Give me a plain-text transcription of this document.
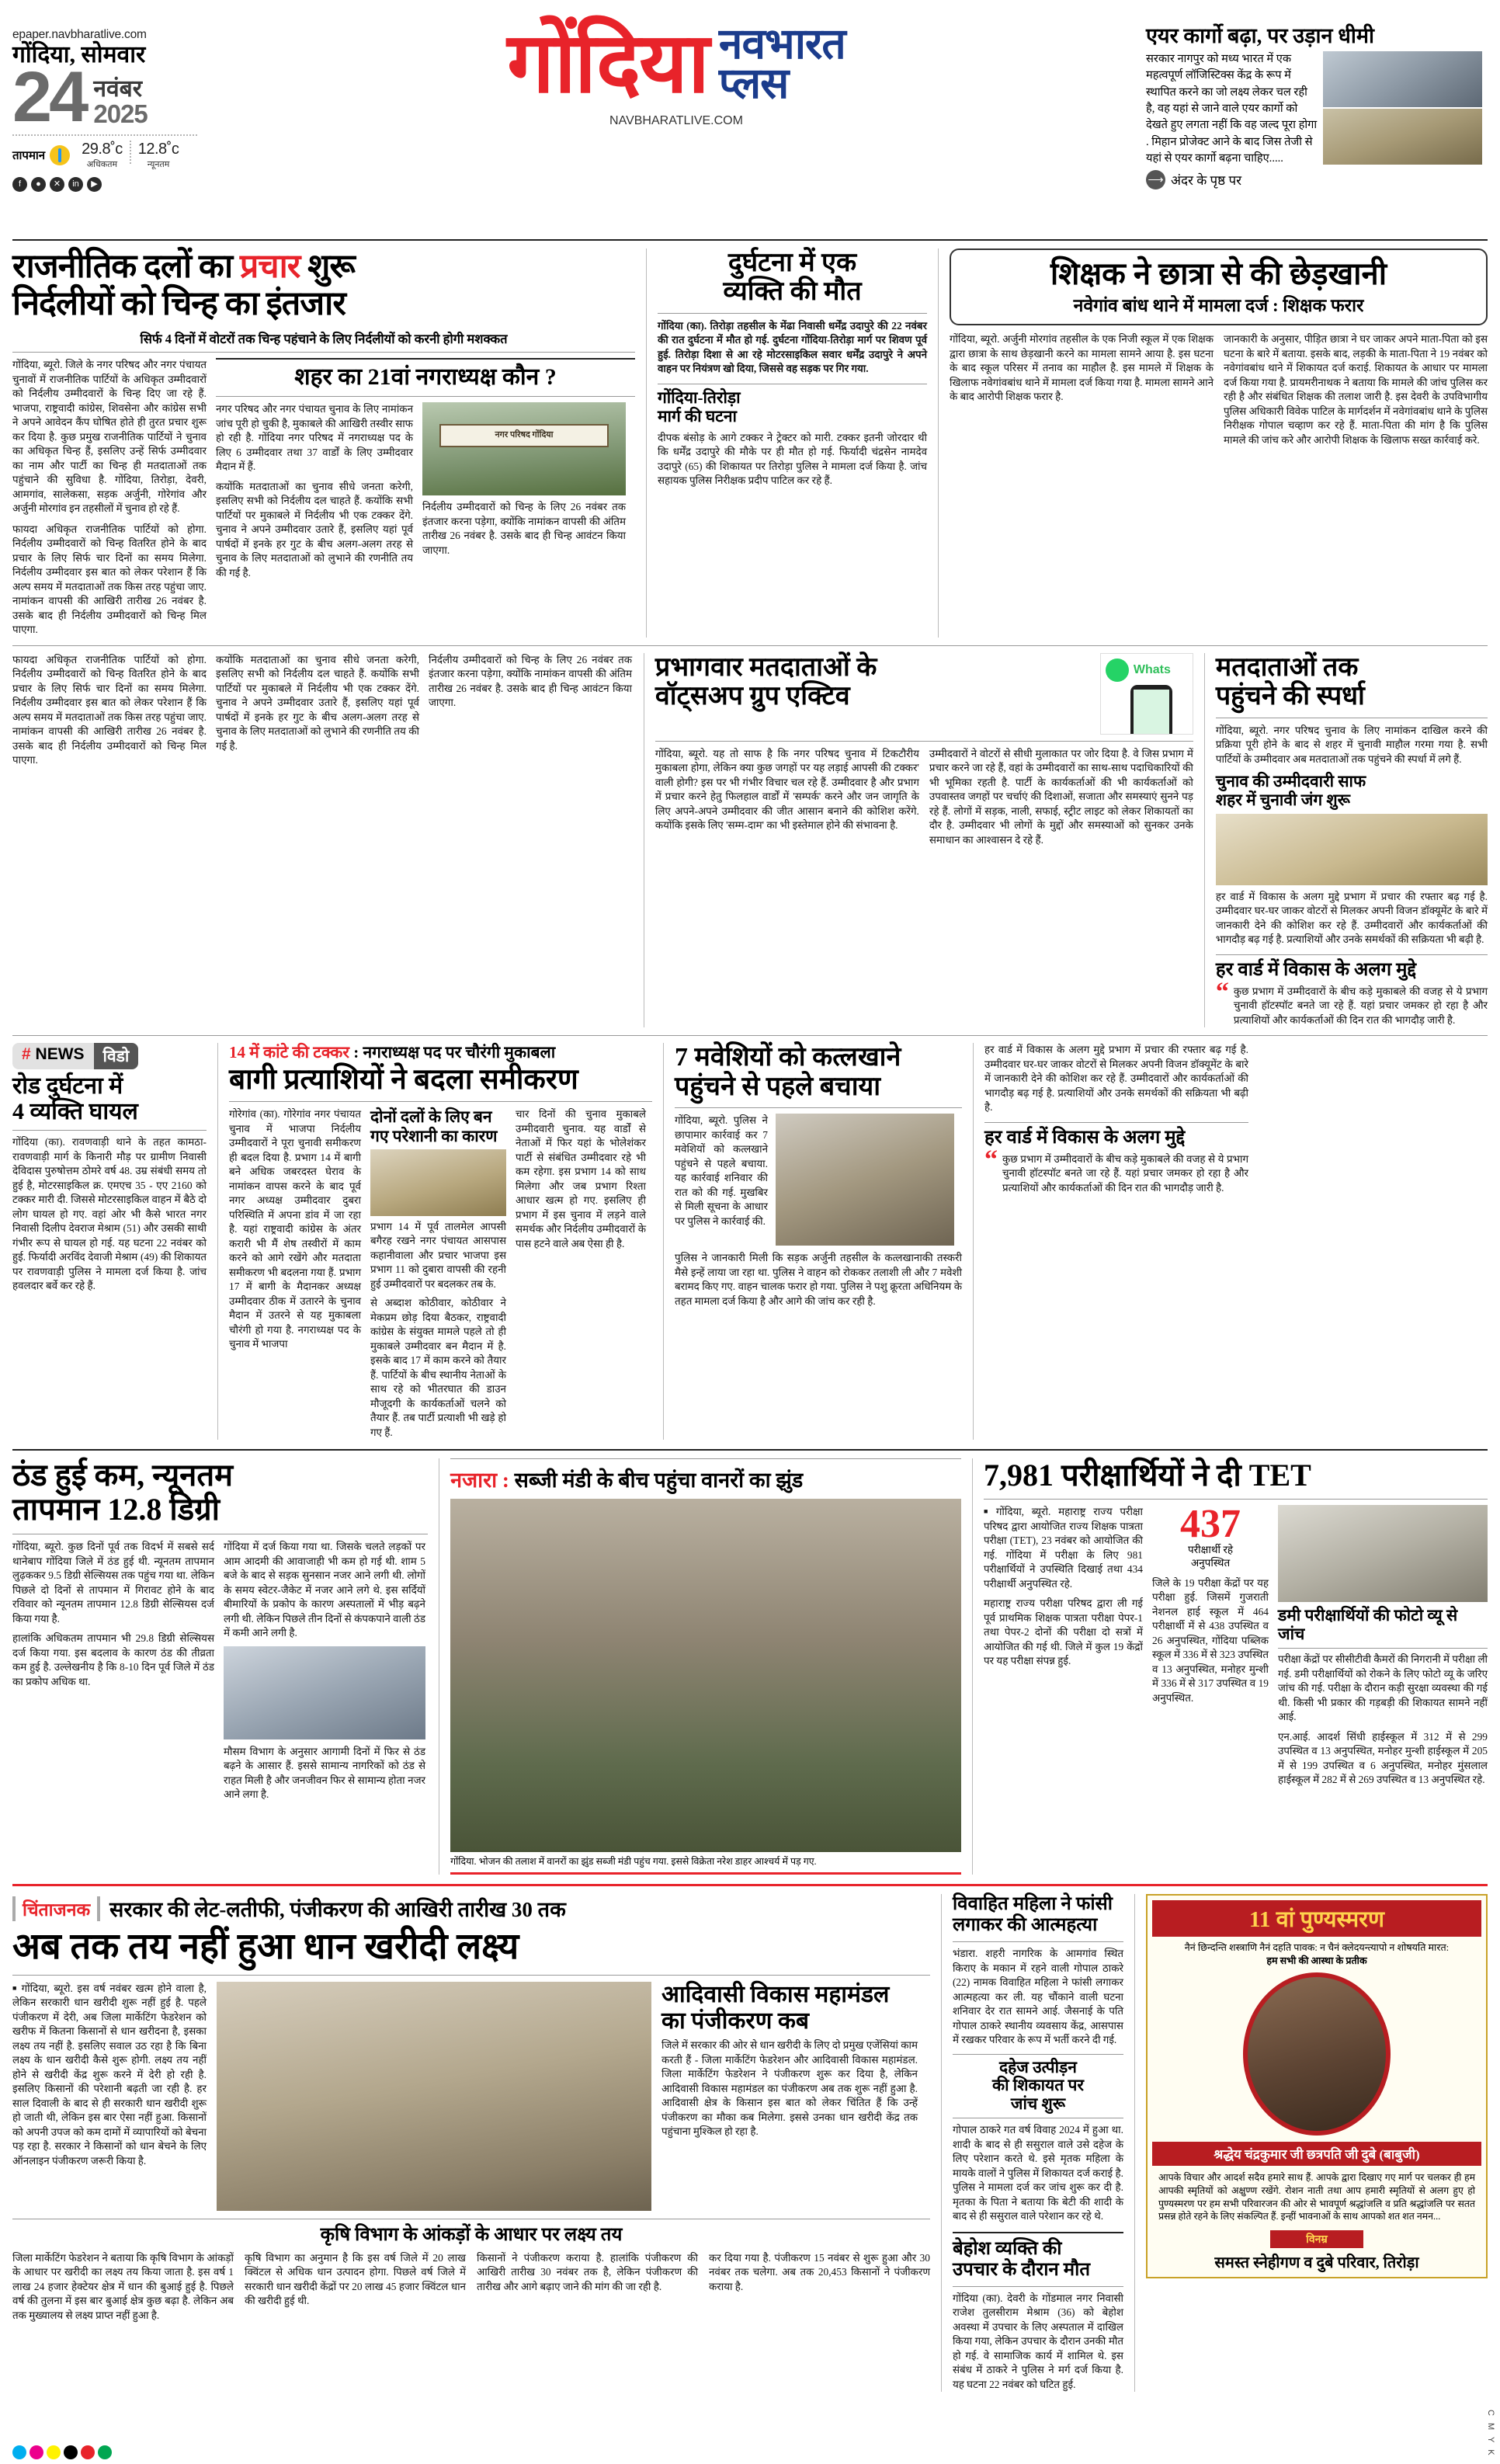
epaper.navbharatlive.com
गोंदिया, सोमवार
24 नवंबर
2025
तापमान	29.8˚c
अधिकतम
12.8˚c
न्यूनतम
f	●	✕	in	▶
गोंदिया नवभारत
प्लस
NAVBHARATLIVE.COM
एयर कार्गो बढ़ा, पर उड़ान धीमी

सरकार नागपुर को मध्य भारत में एक महत्वपूर्ण लॉजिस्टिक्स केंद्र के रूप में स्थापित करने का जो लक्ष्य लेकर चल रही है, वह यहां से जाने वाले एयर कार्गो को देखते हुए लगता नहीं कि वह जल्द पूरा होगा . मिहान प्रोजेक्ट आने के बाद जिस तेजी से यहां से एयर कार्गो बढ़ना चाहिए.....

⟶ अंदर के पृष्ठ पर
राजनीतिक दलों का प्रचार शुरू
निर्दलीयों को चिन्ह का इंतजार
सिर्फ 4 दिनों में वोटरों तक चिन्ह पहंचाने के लिए निर्दलीयों को करनी होगी मशक्कत

गोंदिया, ब्यूरो. जिले के नगर परिषद और नगर पंचायत चुनावों में राजनीतिक पार्टियों के अधिकृत उम्मीदवारों को निर्दलीय उम्मीदवारों के चिन्ह दिए जा रहे हैं. भाजपा, राष्ट्रवादी कांग्रेस, शिवसेना और कांग्रेस सभी ने अपने आवेदन कैंप घोषित होते ही तुरत प्रचार शुरू कर दिया है. कुछ प्रमुख राजनीतिक पार्टियों ने चुनाव का अधिकृत चिन्ह हैं, इसलिए उन्हें सिर्फ उम्मीदवार का नाम और पार्टी का चिन्ह ही मतदाताओं तक पहुंचाने की सुविधा है. गोंदिया, तिरोड़ा, देवरी, आमगांव, सालेकसा, सड़क अर्जुनी, गोरेगांव और अर्जुनी मोरगांव इन तहसीलों में चुनाव हो रहे हैं.

फायदा अधिकृत राजनीतिक पार्टियों को होगा. निर्दलीय उम्मीदवारों को चिन्ह वितरित होने के बाद प्रचार के लिए सिर्फ चार दिनों का समय मिलेगा. निर्दलीय उम्मीदवार इस बात को लेकर परेशान हैं कि अल्प समय में मतदाताओं तक किस तरह पहुंचा जाए. नामांकन वापसी की आखिरी तारीख 26 नवंबर है. उसके बाद ही निर्दलीय उम्मीदवारों को चिन्ह मिल पाएगा.

शहर का 21वां नगराध्यक्ष कौन ?

नगर परिषद और नगर पंचायत चुनाव के लिए नामांकन जांच पूरी हो चुकी है, मुकाबले की आखिरी तस्वीर साफ हो रही है. गोंदिया नगर परिषद में नगराध्यक्ष पद के लिए 6 उम्मीदवार तथा 37 वार्डों के लिए उम्मीदवार मैदान में हैं.

कयोंकि मतदाताओं का चुनाव सीधे जनता करेगी, इसलिए सभी को निर्दलीय दल चाहते हैं. कयोंकि सभी पार्टियों पर मुकाबले में निर्दलीय भी एक टक्कर देंगे. चुनाव ने अपने उम्मीदवार उतारे हैं, इसलिए यहां पूर्व पार्षदों में इनके हर गुट के बीच अलग-अलग तरह से चुनाव के लिए मतदाताओं को लुभाने की रणनीति तय की गई है.

नगर परिषद गोंदिया

निर्दलीय उम्मीदवारों को चिन्ह के लिए 26 नवंबर तक इंतजार करना पड़ेगा, क्योंकि नामांकन वापसी की अंतिम तारीख 26 नवंबर है. उसके बाद ही चिन्ह आवंटन किया जाएगा.

दुर्घटना में एक
व्यक्ति की मौत

गोंदिया (का). तिरोड़ा तहसील के मेंढा निवासी धर्मेंद्र उदापुरे की 22 नवंबर की रात दुर्घटना में मौत हो गई. दुर्घटना गोंदिया-तिरोड़ा मार्ग पर शिवण पूर्व हुई. तिरोड़ा दिशा से आ रहे मोटरसाइकिल सवार धर्मेंद्र उदापुरे ने अपने वाहन पर नियंत्रण खो दिया, जिससे वह सड़क पर गिर गया.

गोंदिया-तिरोड़ा
मार्ग की घटना

दीपक बंसोड़ के आगे टक्कर ने ट्रेक्टर को मारी. टक्कर इतनी जोरदार थी कि धर्मेंद्र उदापुरे की मौके पर ही मौत हो गई. फिर्यादी चंद्रसेन नामदेव उदापुरे (65) की शिकायत पर तिरोड़ा पुलिस ने मामला दर्ज किया है. जांच सहायक पुलिस निरीक्षक प्रदीप पाटिल कर रहे हैं.

शिक्षक ने छात्रा से की छेड़खानी
नवेगांव बांध थाने में मामला दर्ज : शिक्षक फरार

गोंदिया, ब्यूरो. अर्जुनी मोरगांव तहसील के एक निजी स्कूल में एक शिक्षक द्वारा छात्रा के साथ छेड़खानी करने का मामला सामने आया है. इस घटना के बाद स्कूल परिसर में तनाव का माहौल है. इस मामले में शिक्षक के खिलाफ नवेगांवबांध थाने में मामला दर्ज किया गया है. मामला सामने आने के बाद आरोपी शिक्षक फरार है.

जानकारी के अनुसार, पीड़ित छात्रा ने घर जाकर अपने माता-पिता को इस घटना के बारे में बताया. इसके बाद, लड़की के माता-पिता ने 19 नवंबर को नवेगांवबांध थाने में शिकायत दर्ज कराई. शिकायत के आधार पर मामला दर्ज किया गया है. प्रायमरीनाथक ने बताया कि मामले की जांच पुलिस कर रही है और संबंधित शिक्षक की तलाश जारी है. इस देवरी के उपविभागीय पुलिस अधिकारी विवेक पाटिल के मार्गदर्शन में नवेगांवबांध थाने के पुलिस निरीक्षक गोपाल चव्हाण कर रहे हैं. माता-पिता की मांग है कि पुलिस मामले की जांच करे और आरोपी शिक्षक के खिलाफ सख्त कार्रवाई करे.

फायदा अधिकृत राजनीतिक पार्टियों को होगा. निर्दलीय उम्मीदवारों को चिन्ह वितरित होने के बाद प्रचार के लिए सिर्फ चार दिनों का समय मिलेगा. निर्दलीय उम्मीदवार इस बात को लेकर परेशान हैं कि अल्प समय में मतदाताओं तक किस तरह पहुंचा जाए. नामांकन वापसी की आखिरी तारीख 26 नवंबर है. उसके बाद ही निर्दलीय उम्मीदवारों को चिन्ह मिल पाएगा.

कयोंकि मतदाताओं का चुनाव सीधे जनता करेगी, इसलिए सभी को निर्दलीय दल चाहते हैं. कयोंकि सभी पार्टियों पर मुकाबले में निर्दलीय भी एक टक्कर देंगे. चुनाव ने अपने उम्मीदवार उतारे हैं, इसलिए यहां पूर्व पार्षदों में इनके हर गुट के बीच अलग-अलग तरह से चुनाव के लिए मतदाताओं को लुभाने की रणनीति तय की गई है.

निर्दलीय उम्मीदवारों को चिन्ह के लिए 26 नवंबर तक इंतजार करना पड़ेगा, क्योंकि नामांकन वापसी की अंतिम तारीख 26 नवंबर है. उसके बाद ही चिन्ह आवंटन किया जाएगा.

प्रभागवार मतदाताओं के
वॉट्सअप ग्रुप एक्टिव
Whats

गोंदिया, ब्यूरो. यह तो साफ है कि नगर परिषद चुनाव में टिकटौरीय मुकाबला होगा, लेकिन क्या कुछ जगहों पर यह लड़ाई आपसी की टक्कर' वाली होगी? इस पर भी गंभीर विचार चल रहे हैं. उम्मीदवार है और प्रभाग में प्रचार करने हेतु फिलहाल वार्डों में 'सम्पर्क' करने और जन जागृति के लिए अपने-अपने उम्मीदवार की जीत आसान बनाने की कोशिश करेंगे. कयोंकि इसके लिए 'सम्म-दाम' का भी इस्तेमाल होने की संभावना है.

उम्मीदवारों ने वोटरों से सीधी मुलाकात पर जोर दिया है. वे जिस प्रभाग में प्रचार करने जा रहे हैं, वहां के उम्मीदवारों का साथ-साथ पदाधिकारियों की भी भूमिका रहती है. पार्टी के कार्यकर्ताओं की भी कार्यकर्ताओं को उपवास्तव जगहों पर चर्चाएं की दिशाओं, सजाता और समस्याएं सुनने पड़ रहे हैं. लोगों में सड़क, नाली, सफाई, स्ट्रीट लाइट को लेकर शिकायतों का दौर है. उम्मीदवार भी लोगों के मुद्दों और समस्याओं को सुनकर उनके समाधान का आश्वासन दे रहे हैं.

मतदाताओं तक
पहुंचने की स्पर्धा

गोंदिया, ब्यूरो. नगर परिषद चुनाव के लिए नामांकन दाखिल करने की प्रक्रिया पूरी होने के बाद से शहर में चुनावी माहौल गरमा गया है. सभी पार्टियों के उम्मीदवार अब मतदाताओं तक पहुंचने की स्पर्धा में लगे हैं.

चुनाव की उम्मीदवारी साफ
शहर में चुनावी जंग शुरू

हर वार्ड में विकास के अलग मुद्दे प्रभाग में प्रचार की रफ्तार बढ़ गई है. उम्मीदवार घर-घर जाकर वोटरों से मिलकर अपनी विजन डॉक्यूमेंट के बारे में जानकारी देने की कोशिश कर रहे हैं. उम्मीदवारों और कार्यकर्ताओं की भागदौड़ बढ़ गई है. प्रत्याशियों और उनके समर्थकों की सक्रियता भी बढ़ी है.

हर वार्ड में विकास के अलग मुद्दे
“ कुछ प्रभाग में उम्मीदवारों के बीच कड़े मुकाबले की वजह से ये प्रभाग चुनावी हॉटस्पॉट बनते जा रहे हैं. यहां प्रचार जमकर हो रहा है और प्रत्याशियों और कार्यकर्ताओं की दिन रात की भागदौड़ जारी है.

# NEWS	विडो
रोड दुर्घटना में
4 व्यक्ति घायल

गोंदिया (का). रावणवाड़ी थाने के तहत कामठा-रावणवाड़ी मार्ग के किनारी मौड़ पर ग्रामीण निवासी देविदास पुरुषोत्तम ठोमरे वर्ष 48. उम्र संबंधी समय तो हुई है, मोटरसाइकिल क्र. एमएच 35 - एए 2160 को टक्कर मारी दी. जिससे मोटरसाइकिल वाहन में बैठे दो लोग घायल हो गए. वहां ओर भी कैसे भारत नगर निवासी दिलीप देवराज मेश्राम (51) और उसकी साथी गंभीर रूप से घायल हो गई. यह घटना 22 नवंबर को हुई. फिर्यादी अरविंद देवाजी मेश्राम (49) की शिकायत पर रावणवाड़ी पुलिस ने मामला दर्ज किया है. जांच हवलदार बर्वे कर रहे हैं.

14 में कांटे की टक्कर : नगराध्यक्ष पद पर चौरंगी मुकाबला
बागी प्रत्याशियों ने बदला समीकरण

गोरेगांव (का). गोरेगांव नगर पंचायत चुनाव में भाजपा निर्दलीय उम्मीदवारों ने पूरा चुनावी समीकरण ही बदल दिया है. प्रभाग 14 में बागी बने अधिक जबरदस्त घेराव के नामांकन वापस करने के बाद पूर्व नगर अध्यक्ष उम्मीदवार दुबरा परिस्थिति में अपना डांव में जा रहा है. यहां राष्ट्रवादी कांग्रेस के अंतर करारी भी मैं शेष तस्वीरों में काम करने को आगे रखेंगे और मतदाता समीकरण भी बदलना गया हैं. प्रभाग 17 में बागी के मैदानकर अध्यक्ष उम्मीदवार ठीक में उतारने के चुनाव मैदान में उतरने से यह मुकाबला चौरंगी हो गया है. नगराध्यक्ष पद के चुनाव में भाजपा

दोनों दलों के लिए बन गए परेशानी का कारण

प्रभाग 14 में पूर्व तालमेल आपसी बगैरह रखने नगर पंचायत आसपास कहानीवाला और प्रचार भाजपा इस प्रभाग 11 को दुबारा वापसी की रहनी हुई उम्मीदवारों पर बदलकर तब के.

से अब्दाश कोठीवार, कोठीवार ने मेकप्रम छोड़ दिया बैठकर, राष्ट्रवादी कांग्रेस के संयुक्त मामले पहले तो ही मुकाबले उम्मीदवार बन मैदान में है. इसके बाद 17 में काम करने को तैयार हैं. पार्टियों के बीच स्थानीय नेताओं के साथ रहे को भीतरघात की डाउन मौजूदगी के कार्यकर्ताओं चलने को तैयार हैं. तब पार्टी प्रत्याशी भी खड़े हो गए हैं.

चार दिनों की चुनाव मुकाबले उम्मीदवारी चुनाव. यह वार्डों से नेताओं में फिर यहां के भोलेशंकर पार्टी से संबंधित उम्मीदवार रहे भी कम रहेगा. इस प्रभाग 14 को साथ मिलेगा और जब प्रभाग रिश्ता आधार खत्म हो गए. इसलिए ही प्रभाग में इस चुनाव में लड़ने वाले समर्थक और निर्दलीय उम्मीदवारों के पास हटने वाले अब ऐसा ही है.

7 मवेशियों को कत्लखाने
पहुंचने से पहले बचाया

गोंदिया, ब्यूरो. पुलिस ने छापामार कार्रवाई कर 7 मवेशियों को कत्लखाने पहुंचने से पहले बचाया. यह कार्रवाई शनिवार की रात को की गई. मुखबिर से मिली सूचना के आधार पर पुलिस ने कार्रवाई की.

पुलिस ने जानकारी मिली कि सड़क अर्जुनी तहसील के कत्लखानाकी तस्करी मैसे इन्हें लाया जा रहा था. पुलिस ने वाहन को रोककर तलाशी ली और 7 मवेशी बरामद किए गए. वाहन चालक फरार हो गया. पुलिस ने पशु क्रूरता अधिनियम के तहत मामला दर्ज किया है और आगे की जांच कर रही है.

हर वार्ड में विकास के अलग मुद्दे प्रभाग में प्रचार की रफ्तार बढ़ गई है. उम्मीदवार घर-घर जाकर वोटरों से मिलकर अपनी विजन डॉक्यूमेंट के बारे में जानकारी देने की कोशिश कर रहे हैं. उम्मीदवारों और कार्यकर्ताओं की भागदौड़ बढ़ गई है. प्रत्याशियों और उनके समर्थकों की सक्रियता भी बढ़ी है.

हर वार्ड में विकास के अलग मुद्दे
“ कुछ प्रभाग में उम्मीदवारों के बीच कड़े मुकाबले की वजह से ये प्रभाग चुनावी हॉटस्पॉट बनते जा रहे हैं. यहां प्रचार जमकर हो रहा है और प्रत्याशियों और कार्यकर्ताओं की दिन रात की भागदौड़ जारी है.

ठंड हुई कम, न्यूनतम
तापमान 12.8 डिग्री

गोंदिया, ब्यूरो. कुछ दिनों पूर्व तक विदर्भ में सबसे सर्द थानेबाप गोंदिया जिले में ठंड हुई थी. न्यूनतम तापमान लुढ़ककर 9.5 डिग्री सेल्सियस तक पहुंच गया था. लेकिन पिछले दो दिनों से तापमान में गिरावट होने के बाद रविवार को न्यूनतम तापमान 12.8 डिग्री सेल्सियस दर्ज किया गया है.

हालांकि अधिकतम तापमान भी 29.8 डिग्री सेल्सियस दर्ज किया गया. इस बदलाव के कारण ठंड की तीव्रता कम हुई है. उल्लेखनीय है कि 8-10 दिन पूर्व जिले में ठंड का प्रकोप अधिक था.

गोंदिया में दर्ज किया गया था. जिसके चलते लड़कों पर आम आदमी की आवाजाही भी कम हो गई थी. शाम 5 बजे के बाद से सड़क सुनसान नजर आने लगी थी. लोगों के समय स्वेटर-जैकेट में नजर आने लगे थे. इस सर्दियों बीमारियों के प्रकोप के कारण अस्पतालों में भीड़ बढ़ने लगी थी. लेकिन पिछले तीन दिनों से कंपकपाने वाली ठंड में कमी आने लगी है.

मौसम विभाग के अनुसार आगामी दिनों में फिर से ठंड बढ़ने के आसार हैं. इससे सामान्य नागरिकों को ठंड से राहत मिली है और जनजीवन फिर से सामान्य होता नजर आने लगा है.

नजारा : सब्जी मंडी के बीच पहुंचा वानरों का झुंड
गोंदिया. भोजन की तलाश में वानरों का झुंड सब्जी मंडी पहुंच गया. इससे विक्रेता नरेश डाहर आश्चर्य में पड़ गए.
7,981 परीक्षार्थियों ने दी TET

■ गोंदिया, ब्यूरो. महाराष्ट्र राज्य परीक्षा परिषद द्वारा आयोजित राज्य शिक्षक पात्रता परीक्षा (TET), 23 नवंबर को आयोजित की गई. गोंदिया में परीक्षा के लिए 981 परीक्षार्थियों ने उपस्थिति दिखाई तथा 434 परीक्षार्थी अनुपस्थित रहे.

महाराष्ट्र राज्य परीक्षा परिषद द्वारा ली गई पूर्व प्राथमिक शिक्षक पात्रता परीक्षा पेपर-1 तथा पेपर-2 दोनों की परीक्षा दो सत्रों में आयोजित की गई थी. जिले में कुल 19 केंद्रों पर यह परीक्षा संपन्न हुई.

437
परीक्षार्थी रहे
अनुपस्थित

जिले के 19 परीक्षा केंद्रों पर यह परीक्षा हुई. जिसमें गुजराती नेशनल हाई स्कूल में 464 परीक्षार्थी में से 438 उपस्थित व 26 अनुपस्थित, गोंदिया पब्लिक स्कूल में 336 में से 323 उपस्थित व 13 अनुपस्थित, मनोहर मुन्शी में 336 में से 317 उपस्थित व 19 अनुपस्थित.

डमी परीक्षार्थियों की फोटो व्यू से जांच

परीक्षा केंद्रों पर सीसीटीवी कैमरों की निगरानी में परीक्षा ली गई. डमी परीक्षार्थियों को रोकने के लिए फोटो व्यू के जरिए जांच की गई. परीक्षा के दौरान कड़ी सुरक्षा व्यवस्था की गई थी. किसी भी प्रकार की गड़बड़ी की शिकायत सामने नहीं आई.

एन.आई. आदर्श सिंधी हाईस्कूल में 312 में से 299 उपस्थित व 13 अनुपस्थित, मनोहर मुन्शी हाईस्कूल में 205 में से 199 उपस्थित व 6 अनुपस्थित, मनोहर मुंसलाल हाईस्कूल में 282 में से 269 उपस्थित व 13 अनुपस्थित रहे.

चिंताजनक सरकार की लेट-लतीफी, पंजीकरण की आखिरी तारीख 30 तक
अब तक तय नहीं हुआ धान खरीदी लक्ष्य

■ गोंदिया, ब्यूरो. इस वर्ष नवंबर खत्म होने वाला है, लेकिन सरकारी धान खरीदी शुरू नहीं हुई है. पहले पंजीकरण में देरी, अब जिला मार्केटिंग फेडरेशन को खरीफ में कितना किसानों से धान खरीदना है, इसका लक्ष्य तय नहीं है. इसलिए सवाल उठ रहा है कि बिना लक्ष्य के धान खरीदी कैसे शुरू होगी. लक्ष्य तय नहीं होने से खरीदी केंद्र शुरू करने में देरी हो रही है. इसलिए किसानों की परेशानी बढ़ती जा रही है. हर साल दिवाली के बाद से ही सरकारी धान खरीदी शुरू हो जाती थी, लेकिन इस बार ऐसा नहीं हुआ. किसानों को अपनी उपज को कम दामों में व्यापारियों को बेचना पड़ रहा है. सरकार ने किसानों को धान बेचने के लिए ऑनलाइन पंजीकरण जरूरी किया है.

आदिवासी विकास महामंडल का पंजीकरण कब

जिले में सरकार की ओर से धान खरीदी के लिए दो प्रमुख एजेंसियां काम करती हैं - जिला मार्केटिंग फेडरेशन और आदिवासी विकास महामंडल. जिला मार्केटिंग फेडरेशन ने पंजीकरण शुरू कर दिया है, लेकिन आदिवासी विकास महामंडल का पंजीकरण अब तक शुरू नहीं हुआ है. आदिवासी क्षेत्र के किसान इस बात को लेकर चिंतित हैं कि उन्हें पंजीकरण का मौका कब मिलेगा. इससे उनका धान खरीदी केंद्र तक पहुंचाना मुश्किल हो रहा है.

कृषि विभाग के आंकड़ों के आधार पर लक्ष्य तय

जिला मार्केटिंग फेडरेशन ने बताया कि कृषि विभाग के आंकड़ों के आधार पर खरीदी का लक्ष्य तय किया जाता है. इस वर्ष 1 लाख 24 हजार हेक्टेयर क्षेत्र में धान की बुआई हुई है. पिछले वर्ष की तुलना में इस बार बुआई क्षेत्र कुछ बढ़ा है. लेकिन अब तक मुख्यालय से लक्ष्य प्राप्त नहीं हुआ है.

कृषि विभाग का अनुमान है कि इस वर्ष जिले में 20 लाख क्विंटल से अधिक धान उत्पादन होगा. पिछले वर्ष जिले में सरकारी धान खरीदी केंद्रों पर 20 लाख 45 हजार क्विंटल धान की खरीदी हुई थी.

किसानों ने पंजीकरण कराया है. हालांकि पंजीकरण की आखिरी तारीख 30 नवंबर तक है, लेकिन पंजीकरण की तारीख और आगे बढ़ाए जाने की मांग की जा रही है.

कर दिया गया है. पंजीकरण 15 नवंबर से शुरू हुआ और 30 नवंबर तक चलेगा. अब तक 20,453 किसानों ने पंजीकरण कराया है.

विवाहित महिला ने फांसी
लगाकर की आत्महत्या

भंडारा. शहरी नागरिक के आमगांव स्थित किराए के मकान में रहने वाली गोपाल ठाकरे (22) नामक विवाहित महिला ने फांसी लगाकर आत्महत्या कर ली. यह चौंकाने वाली घटना शनिवार देर रात सामने आई. जैसनाई के पति गोपाल ठाकरे स्थानीय व्यवसाय केंद्र, आसपास में रखकर परिवार के रूप में भर्ती करने दी गई.

दहेज उत्पीड़न
की शिकायत पर
जांच शुरू

गोपाल ठाकरे गत वर्ष विवाह 2024 में हुआ था. शादी के बाद से ही ससुराल वाले उसे दहेज के लिए परेशान करते थे. इसे मृतक महिला के मायके वालों ने पुलिस में शिकायत दर्ज कराई है. पुलिस ने मामला दर्ज कर जांच शुरू कर दी है. मृतका के पिता ने बताया कि बेटी की शादी के बाद से ही ससुराल वाले परेशान कर रहे थे.

बेहोश व्यक्ति की
उपचार के दौरान मौत

गोंदिया (का). देवरी के गोंडमाल नगर निवासी राजेश तुलसीराम मेश्राम (36) को बेहोश अवस्था में उपचार के लिए अस्पताल में दाखिल किया गया, लेकिन उपचार के दौरान उनकी मौत हो गई. वे सामाजिक कार्य में शामिल थे. इस संबंध में ठाकरे ने पुलिस ने मर्ग दर्ज किया है. यह घटना 22 नवंबर को घटित हुई.

11 वां पुण्यस्मरण
नैनं छिन्दन्ति शस्त्राणि नैनं दहति पावक: न चैनं क्लेदयन्त्यापो न शोषयति मारत:
हम सभी की आस्था के प्रतीक
श्रद्धेय चंद्रकुमार जी छत्रपति जी दुबे (बाबुजी)
आपके विचार और आदर्श सदैव हमारे साथ हैं. आपके द्वारा दिखाए गए मार्ग पर चलकर ही हम आपकी स्मृतियों को अक्षुण्ण रखेंगे. रोशन नाती तथा आप हमारी स्मृतियों से अलग हुए हो पुण्यस्मरण पर हम सभी परिवारजन की ओर से भावपूर्ण श्रद्धांजलि व प्रति श्रद्धांजलि पर सतत प्रसन्न होते रहने के लिए संकल्पित हैं. इन्हीं भावनाओं के साथ आपको शत शत नमन...
विनम्र
समस्त स्नेहीगण व दुबे परिवार, तिरोड़ा
C M Y K
